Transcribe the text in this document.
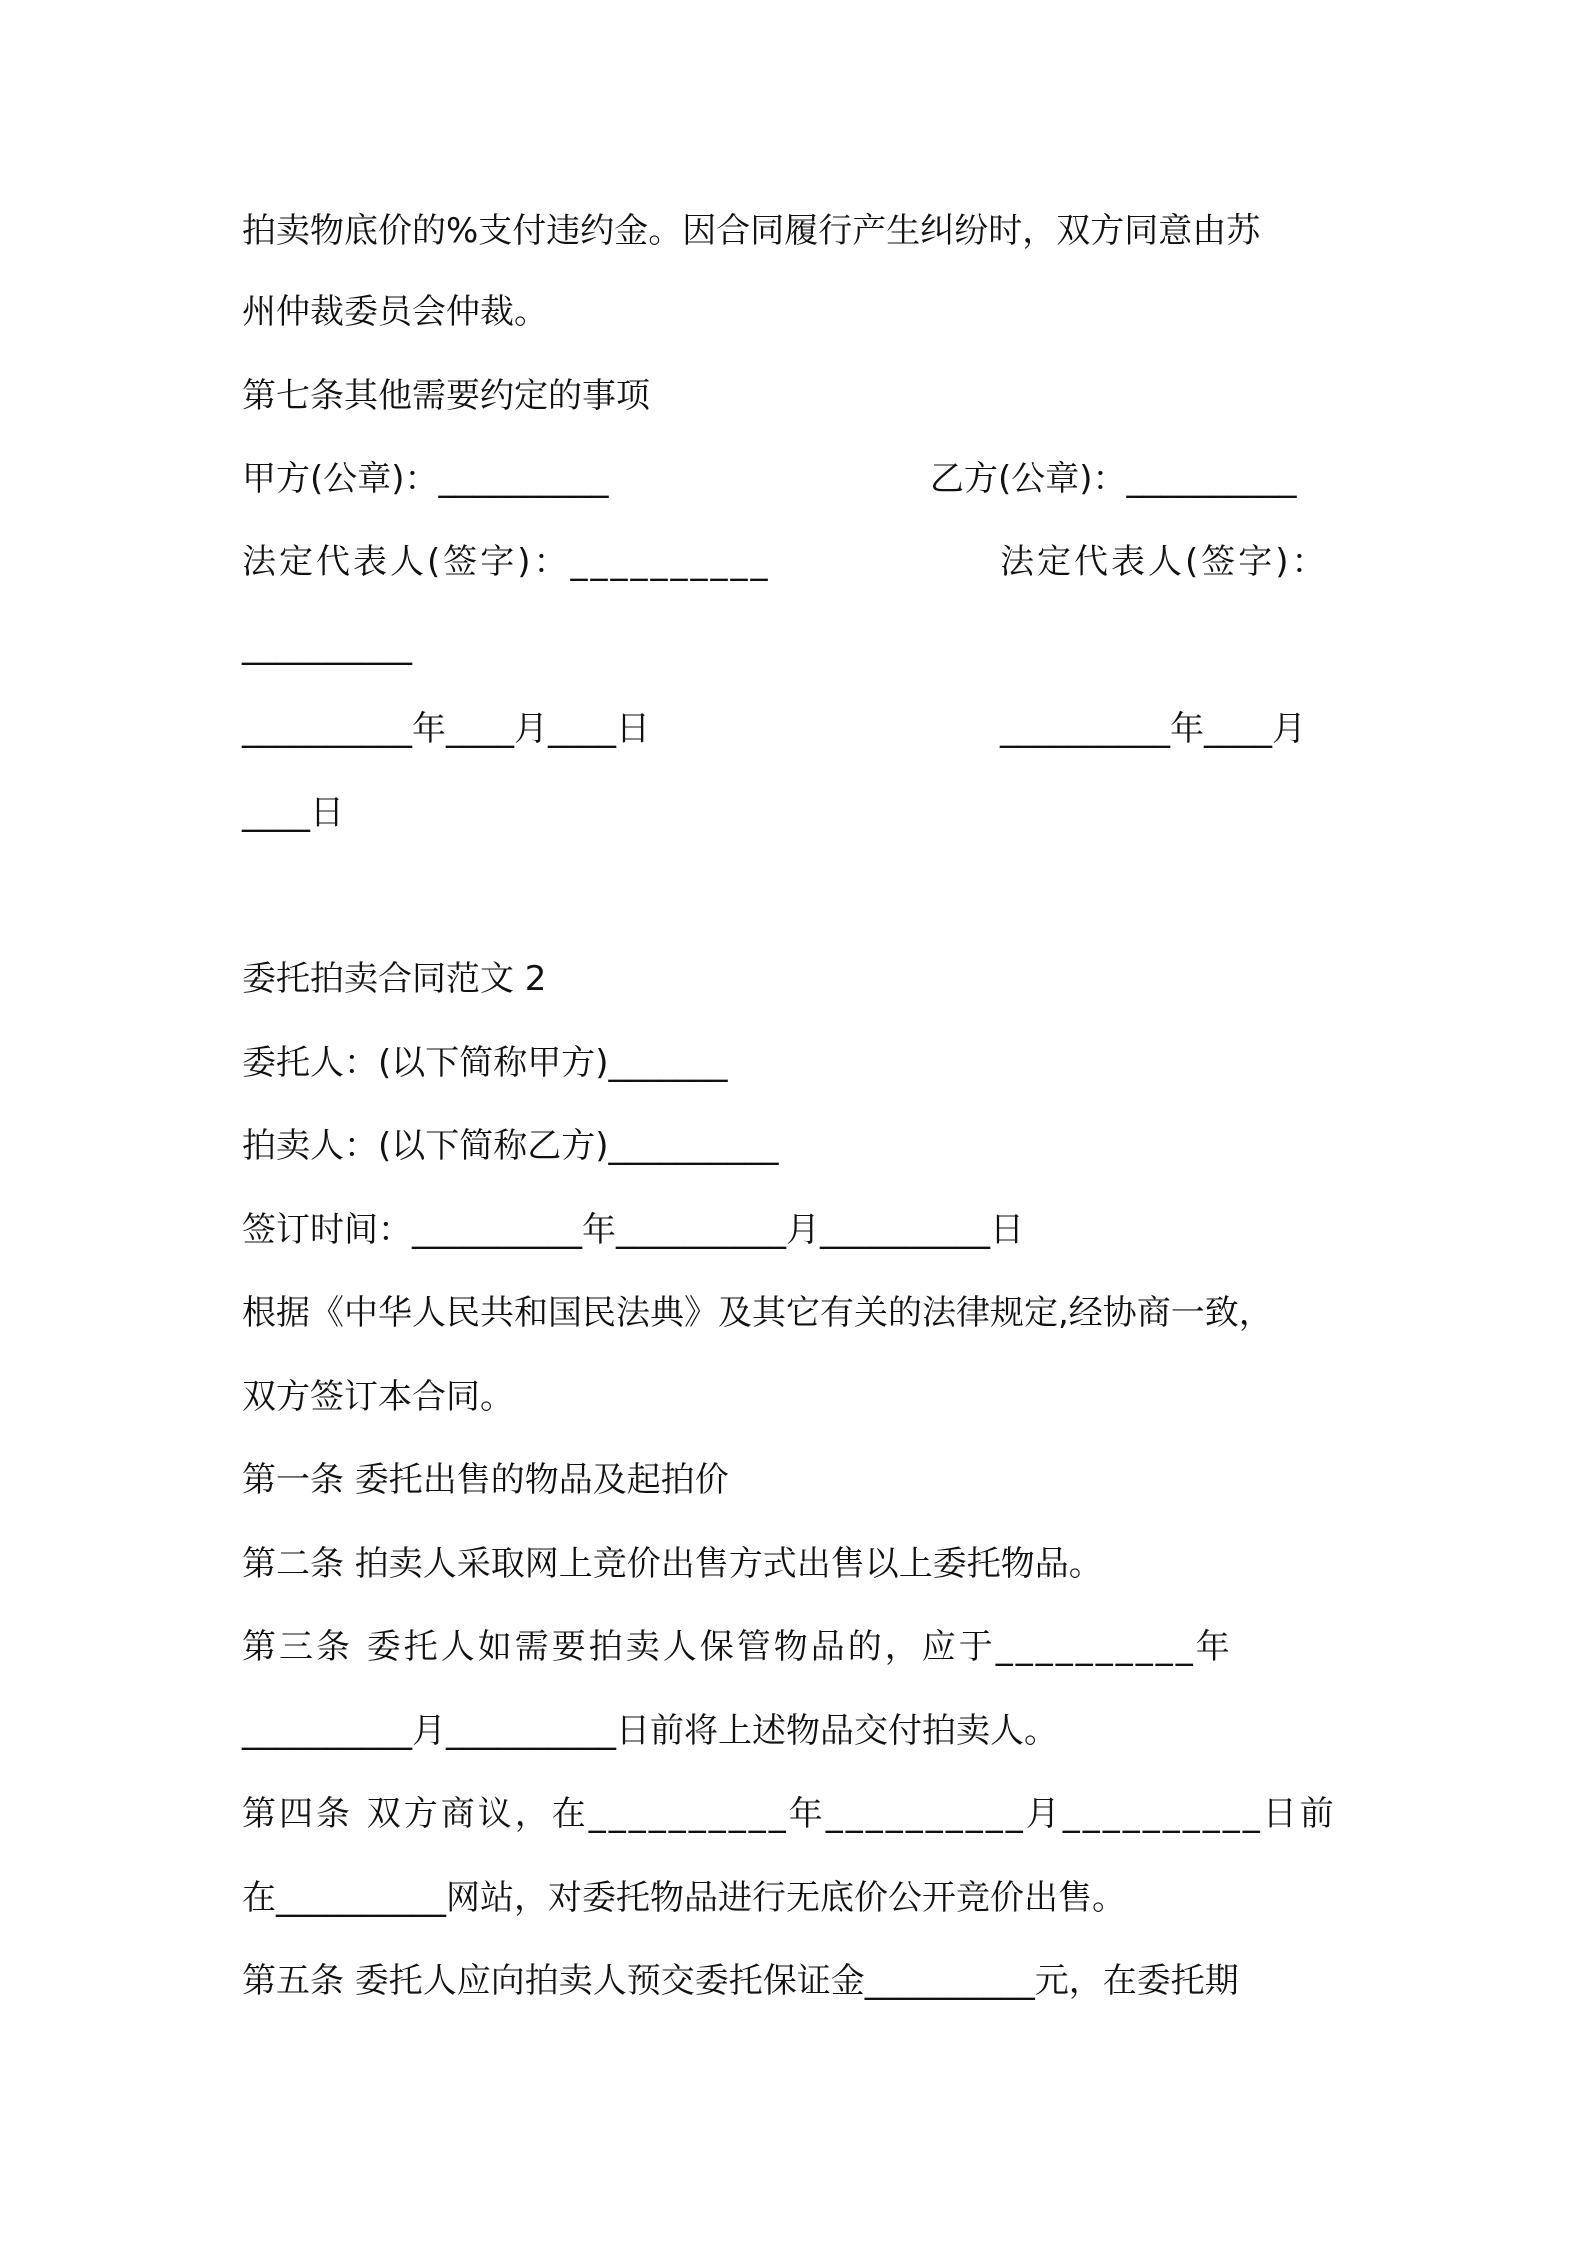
拍卖物底价的%支付违约金。因合同履行产生纠纷时，双方同意由苏
州仲裁委员会仲裁。
第七条其他需要约定的事项
甲方(公章)：__________	乙方(公章)：__________
法定代表人(签字)：__________	法定代表人(签字)：
__________
__________年____月____日	__________年____月
____日
委托拍卖合同范文 2
委托人：(以下简称甲方)_______
拍卖人：(以下简称乙方)__________
签订时间：__________年__________月__________日
根据《中华人民共和国民法典》及其它有关的法律规定,经协商一致，
双方签订本合同。
第一条 委托出售的物品及起拍价
第二条 拍卖人采取网上竞价出售方式出售以上委托物品。
第三条 委托人如需要拍卖人保管物品的，应于__________年
__________月__________日前将上述物品交付拍卖人。
第四条 双方商议，在__________年__________月__________日前
在__________网站，对委托物品进行无底价公开竞价出售。
第五条 委托人应向拍卖人预交委托保证金__________元，在委托期
